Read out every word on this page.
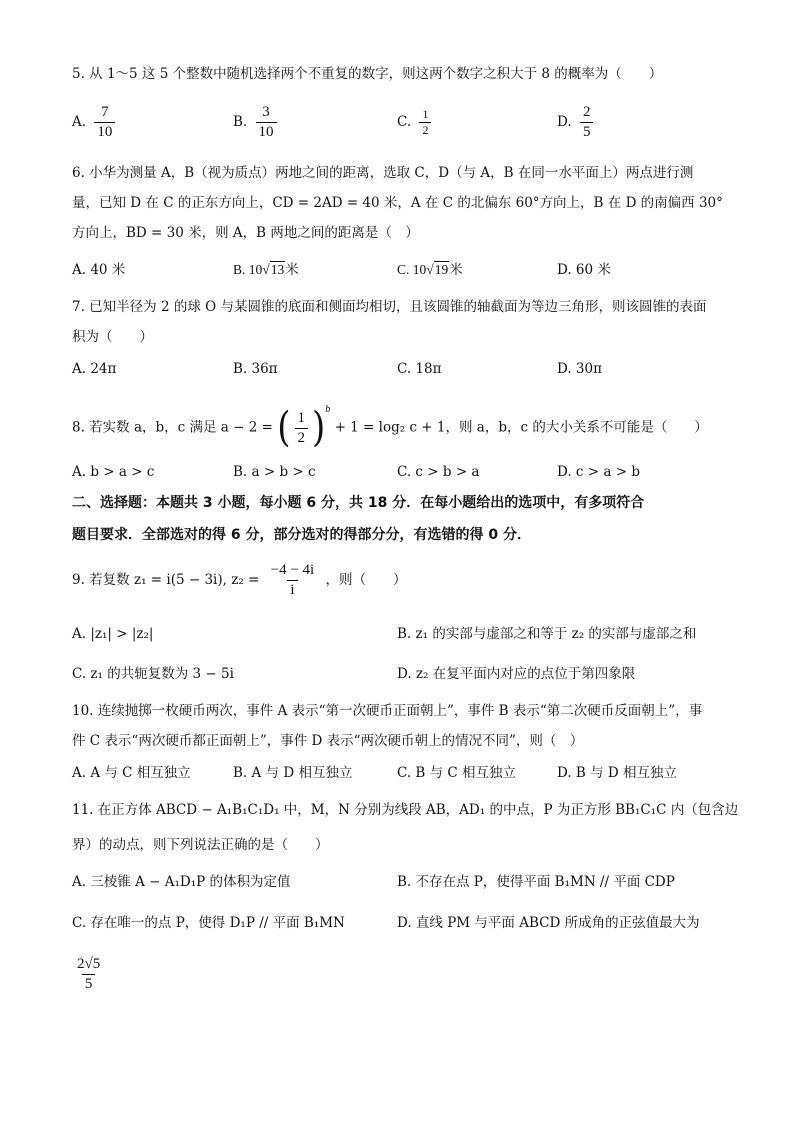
5. 从 1～5 这 5 个整数中随机选择两个不重复的数字，则这两个数字之积大于 8 的概率为（　　）
A. $\frac{7}{10}$	B. $\frac{3}{10}$	C. $\frac{1}{2}$	D. $\frac{2}{5}$
6. 小华为测量 A，B（视为质点）两地之间的距离，选取 C，D（与 A，B 在同一水平面上）两点进行测
量，已知 D 在 C 的正东方向上，CD = 2AD = 40 米，A 在 C 的北偏东 60°方向上，B 在 D 的南偏西 30°
方向上，BD = 30 米，则 A，B 两地之间的距离是（　）
A. 40 米	B. 10√13米	C. 10√19米	D. 60 米
7. 已知半径为 2 的球 O 与某圆锥的底面和侧面均相切，且该圆锥的轴截面为等边三角形，则该圆锥的表面
积为（　　）
A. 24π	B. 36π	C. 18π	D. 30π
8. 若实数 a，b，c 满足 a − 2 = ( $\frac{1}{2} )^b + 1 = \log_2$ c + 1，则 a，b，c 的大小关系不可能是（　　）
A. b > a > c	B. a > b > c	C. c > b > a	D. c > a > b
二、选择题：本题共 3 小题，每小题 6 分，共 18 分．在每小题给出的选项中，有多项符合
题目要求．全部选对的得 6 分，部分选对的得部分分，有选错的得 0 分．
9. 若复数 z₁ = i(5 − 3i), $z_2 = \frac{-4 - 4i}{i}$ ，则（　　）
A. |z₁| > |z₂|	B. z₁ 的实部与虚部之和等于 z₂ 的实部与虚部之和
C. z₁ 的共轭复数为 3 − 5i	D. z₂ 在复平面内对应的点位于第四象限
10. 连续抛掷一枚硬币两次，事件 A 表示“第一次硬币正面朝上”，事件 B 表示“第二次硬币反面朝上”，事
件 C 表示“两次硬币都正面朝上”，事件 D 表示“两次硬币朝上的情况不同”，则（　）
A. A 与 C 相互独立	B. A 与 D 相互独立	C. B 与 C 相互独立	D. B 与 D 相互独立
11. 在正方体 ABCD − A₁B₁C₁D₁ 中，M，N 分别为线段 AB，AD₁ 的中点，P 为正方形 BB₁C₁C 内（包含边
界）的动点，则下列说法正确的是（　　）
A. 三棱锥 A − A₁D₁P 的体积为定值	B. 不存在点 P，使得平面 B₁MN // 平面 CDP
C. 存在唯一的点 P，使得 D₁P // 平面 B₁MN	D. 直线 PM 与平面 ABCD 所成角的正弦值最大为
$\frac{2√5}{5}$
